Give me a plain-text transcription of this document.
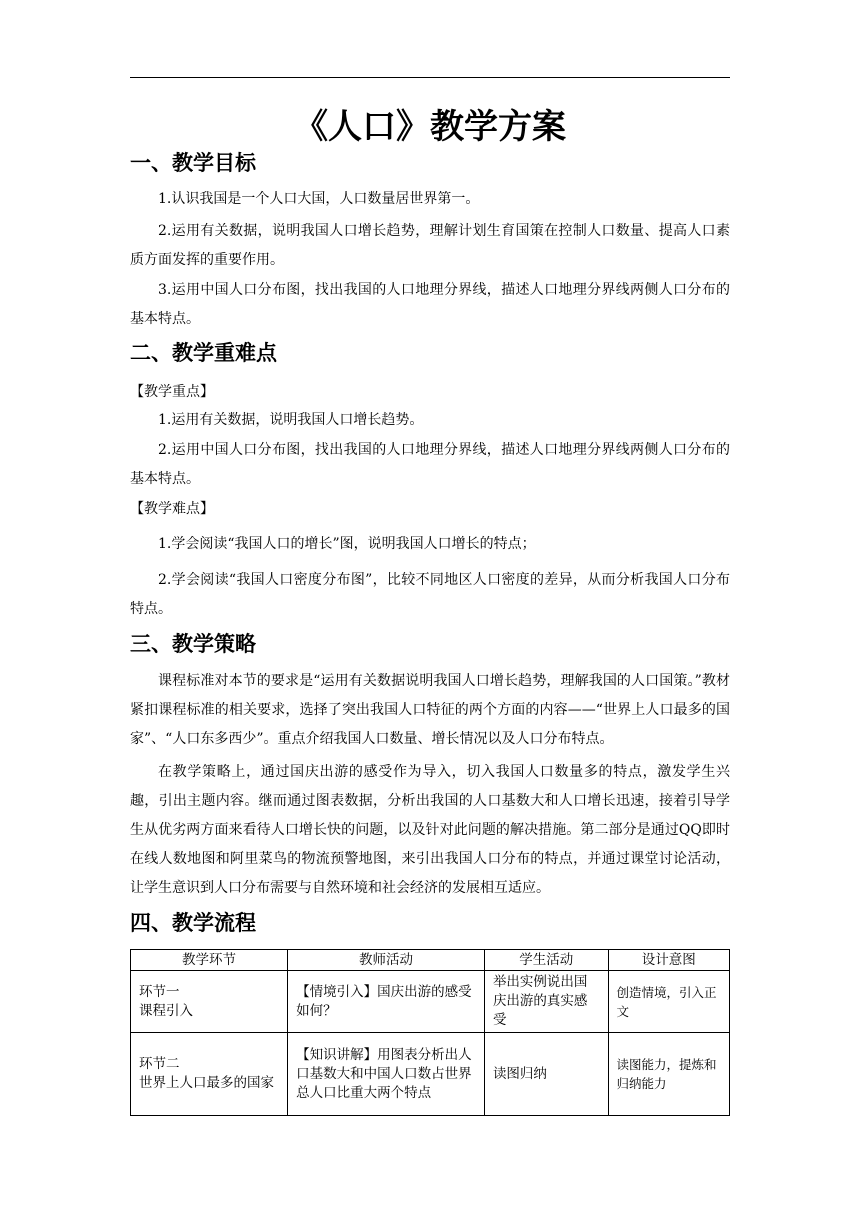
《人口》教学方案
一、教学目标

1.认识我国是一个人口大国，人口数量居世界第一。

2.运用有关数据，说明我国人口增长趋势，理解计划生育国策在控制人口数量、提高人口素质方面发挥的重要作用。

3.运用中国人口分布图，找出我国的人口地理分界线，描述人口地理分界线两侧人口分布的基本特点。

二、教学重难点

【教学重点】

1.运用有关数据，说明我国人口增长趋势。

2.运用中国人口分布图，找出我国的人口地理分界线，描述人口地理分界线两侧人口分布的基本特点。

【教学难点】

1.学会阅读“我国人口的增长”图，说明我国人口增长的特点；

2.学会阅读“我国人口密度分布图”，比较不同地区人口密度的差异，从而分析我国人口分布特点。

三、教学策略

课程标准对本节的要求是“运用有关数据说明我国人口增长趋势，理解我国的人口国策。”教材紧扣课程标准的相关要求，选择了突出我国人口特征的两个方面的内容——“世界上人口最多的国家”、“人口东多西少”。重点介绍我国人口数量、增长情况以及人口分布特点。

在教学策略上，通过国庆出游的感受作为导入，切入我国人口数量多的特点，激发学生兴趣，引出主题内容。继而通过图表数据，分析出我国的人口基数大和人口增长迅速，接着引导学生从优劣两方面来看待人口增长快的问题，以及针对此问题的解决措施。第二部分是通过QQ即时在线人数地图和阿里菜鸟的物流预警地图，来引出我国人口分布的特点，并通过课堂讨论活动，让学生意识到人口分布需要与自然环境和社会经济的发展相互适应。

四、教学流程
教学环节	教师活动	学生活动	设计意图

环节一
课程引入	【情境引入】国庆出游的感受如何？	举出实例说出国庆出游的真实感受	创造情境，引入正文

环节二
世界上人口最多的国家	【知识讲解】用图表分析出人口基数大和中国人口数占世界总人口比重大两个特点	读图归纳	读图能力，提炼和归纳能力
